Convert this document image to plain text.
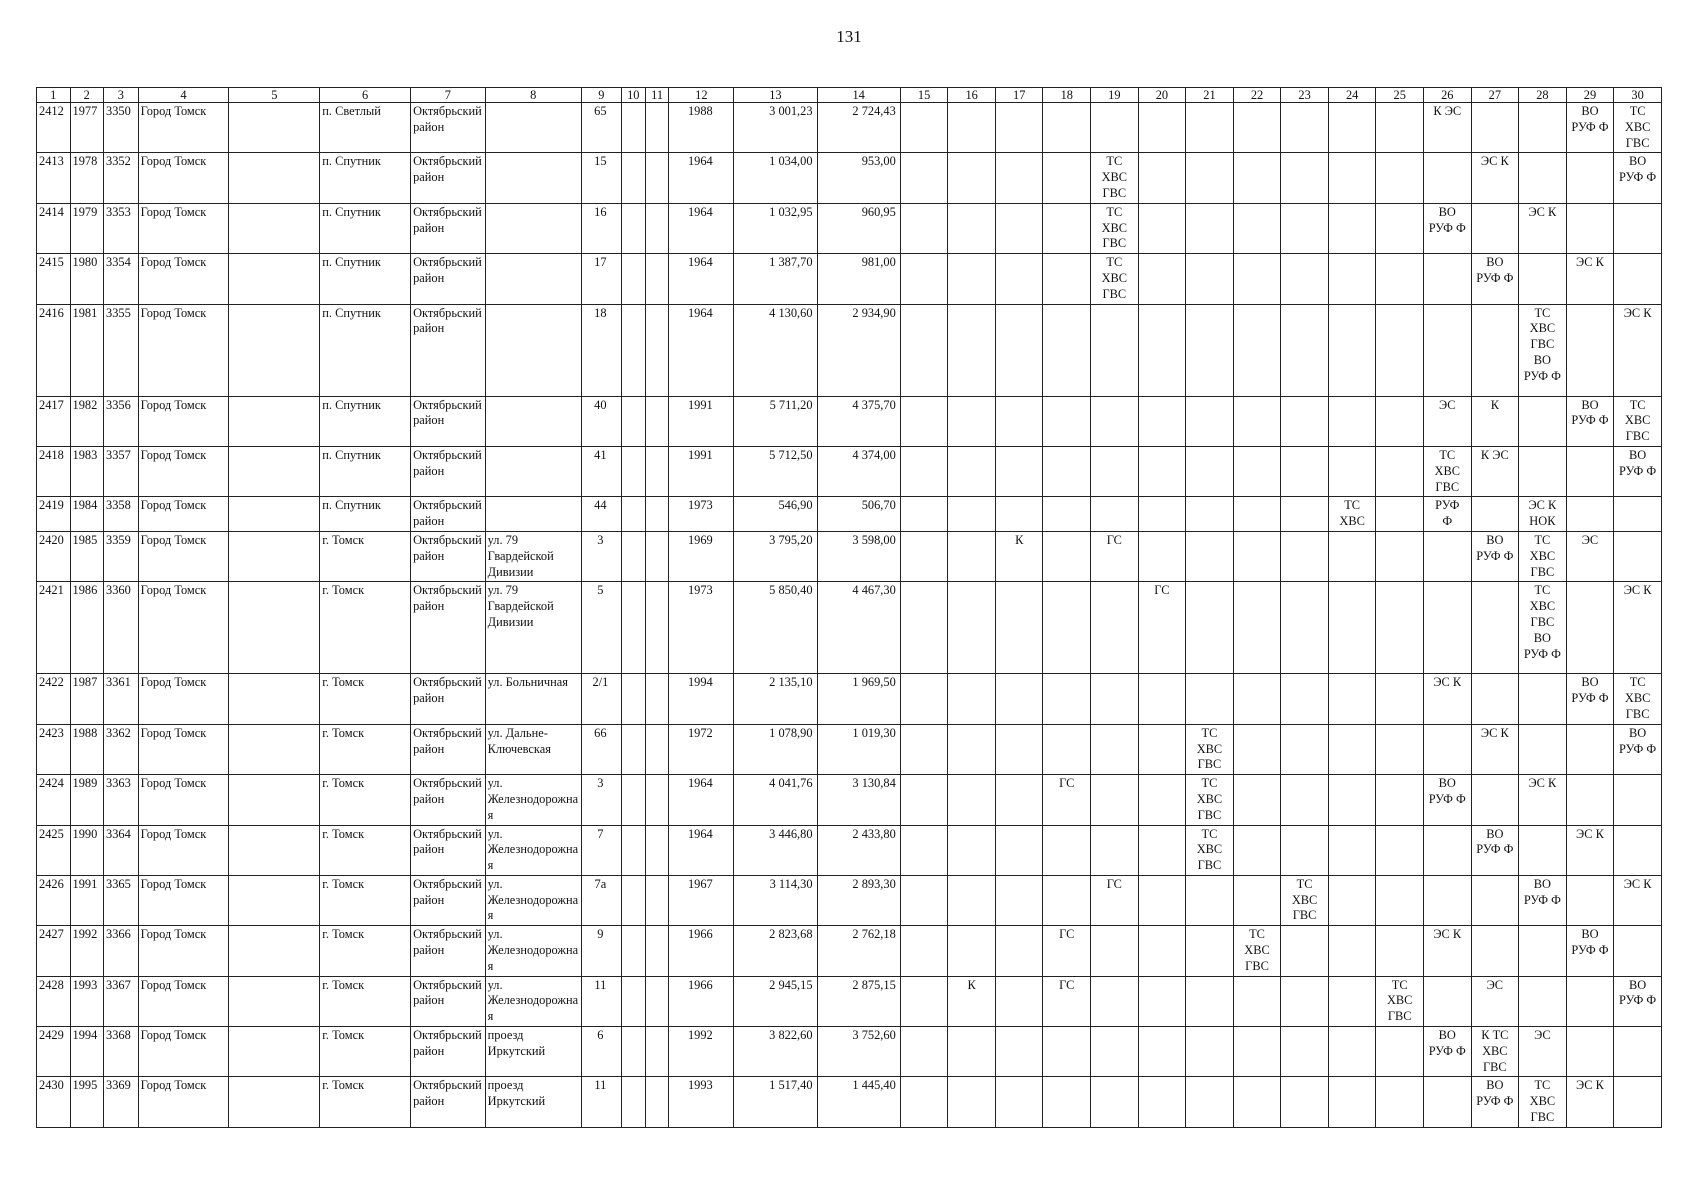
131
1	2	3	4	5	6	7	8	9	10	11	12	13	14	15	16	17	18	19	20	21	22	23	24	25	26	27	28	29	30
2412	1977	3350	Город Томск		п. Светлый	Октябрьский район		65			1988	3 001,23	2 724,43												К ЭС			ВО
РУФ Ф	ТС
ХВС
ГВС
2413	1978	3352	Город Томск		п. Спутник	Октябрьский район		15			1964	1 034,00	953,00					ТС
ХВС
ГВС								ЭС К			ВО
РУФ Ф
2414	1979	3353	Город Томск		п. Спутник	Октябрьский район		16			1964	1 032,95	960,95					ТС
ХВС
ГВС							ВО
РУФ Ф		ЭС К		
2415	1980	3354	Город Томск		п. Спутник	Октябрьский район		17			1964	1 387,70	981,00					ТС
ХВС
ГВС								ВО
РУФ Ф		ЭС К	
2416	1981	3355	Город Томск		п. Спутник	Октябрьский район		18			1964	4 130,60	2 934,90														ТС
ХВС
ГВС
ВО
РУФ Ф		ЭС К
2417	1982	3356	Город Томск		п. Спутник	Октябрьский район		40			1991	5 711,20	4 375,70												ЭС	К		ВО
РУФ Ф	ТС
ХВС
ГВС
2418	1983	3357	Город Томск		п. Спутник	Октябрьский район		41			1991	5 712,50	4 374,00												ТС
ХВС
ГВС	К ЭС			ВО
РУФ Ф
2419	1984	3358	Город Томск		п. Спутник	Октябрьский район		44			1973	546,90	506,70										ТС
ХВС		РУФ
Ф		ЭС К
НОК		
2420	1985	3359	Город Томск		г. Томск	Октябрьский район	ул. 79 Гвардейской Дивизии	3			1969	3 795,20	3 598,00			К		ГС								ВО
РУФ Ф	ТС
ХВС
ГВС	ЭС	
2421	1986	3360	Город Томск		г. Томск	Октябрьский район	ул. 79 Гвардейской Дивизии	5			1973	5 850,40	4 467,30						ГС								ТС
ХВС
ГВС
ВО
РУФ Ф		ЭС К
2422	1987	3361	Город Томск		г. Томск	Октябрьский район	ул. Больничная	2/1			1994	2 135,10	1 969,50												ЭС К			ВО
РУФ Ф	ТС
ХВС
ГВС
2423	1988	3362	Город Томск		г. Томск	Октябрьский район	ул. Дальне-Ключевская	66			1972	1 078,90	1 019,30							ТС
ХВС
ГВС						ЭС К			ВО
РУФ Ф
2424	1989	3363	Город Томск		г. Томск	Октябрьский район	ул. Железнодорожная	3			1964	4 041,76	3 130,84				ГС			ТС
ХВС
ГВС					ВО
РУФ Ф		ЭС К		
2425	1990	3364	Город Томск		г. Томск	Октябрьский район	ул. Железнодорожная	7			1964	3 446,80	2 433,80							ТС
ХВС
ГВС						ВО
РУФ Ф		ЭС К	
2426	1991	3365	Город Томск		г. Томск	Октябрьский район	ул. Железнодорожная	7а			1967	3 114,30	2 893,30					ГС				ТС
ХВС
ГВС					ВО
РУФ Ф		ЭС К
2427	1992	3366	Город Томск		г. Томск	Октябрьский район	ул. Железнодорожная	9			1966	2 823,68	2 762,18				ГС				ТС
ХВС
ГВС				ЭС К			ВО
РУФ Ф	
2428	1993	3367	Город Томск		г. Томск	Октябрьский район	ул. Железнодорожная	11			1966	2 945,15	2 875,15		К		ГС							ТС
ХВС
ГВС		ЭС			ВО
РУФ Ф
2429	1994	3368	Город Томск		г. Томск	Октябрьский район	проезд Иркутский	6			1992	3 822,60	3 752,60												ВО
РУФ Ф	К ТС
ХВС
ГВС	ЭС		
2430	1995	3369	Город Томск		г. Томск	Октябрьский район	проезд Иркутский	11			1993	1 517,40	1 445,40													ВО
РУФ Ф	ТС
ХВС
ГВС	ЭС К	
